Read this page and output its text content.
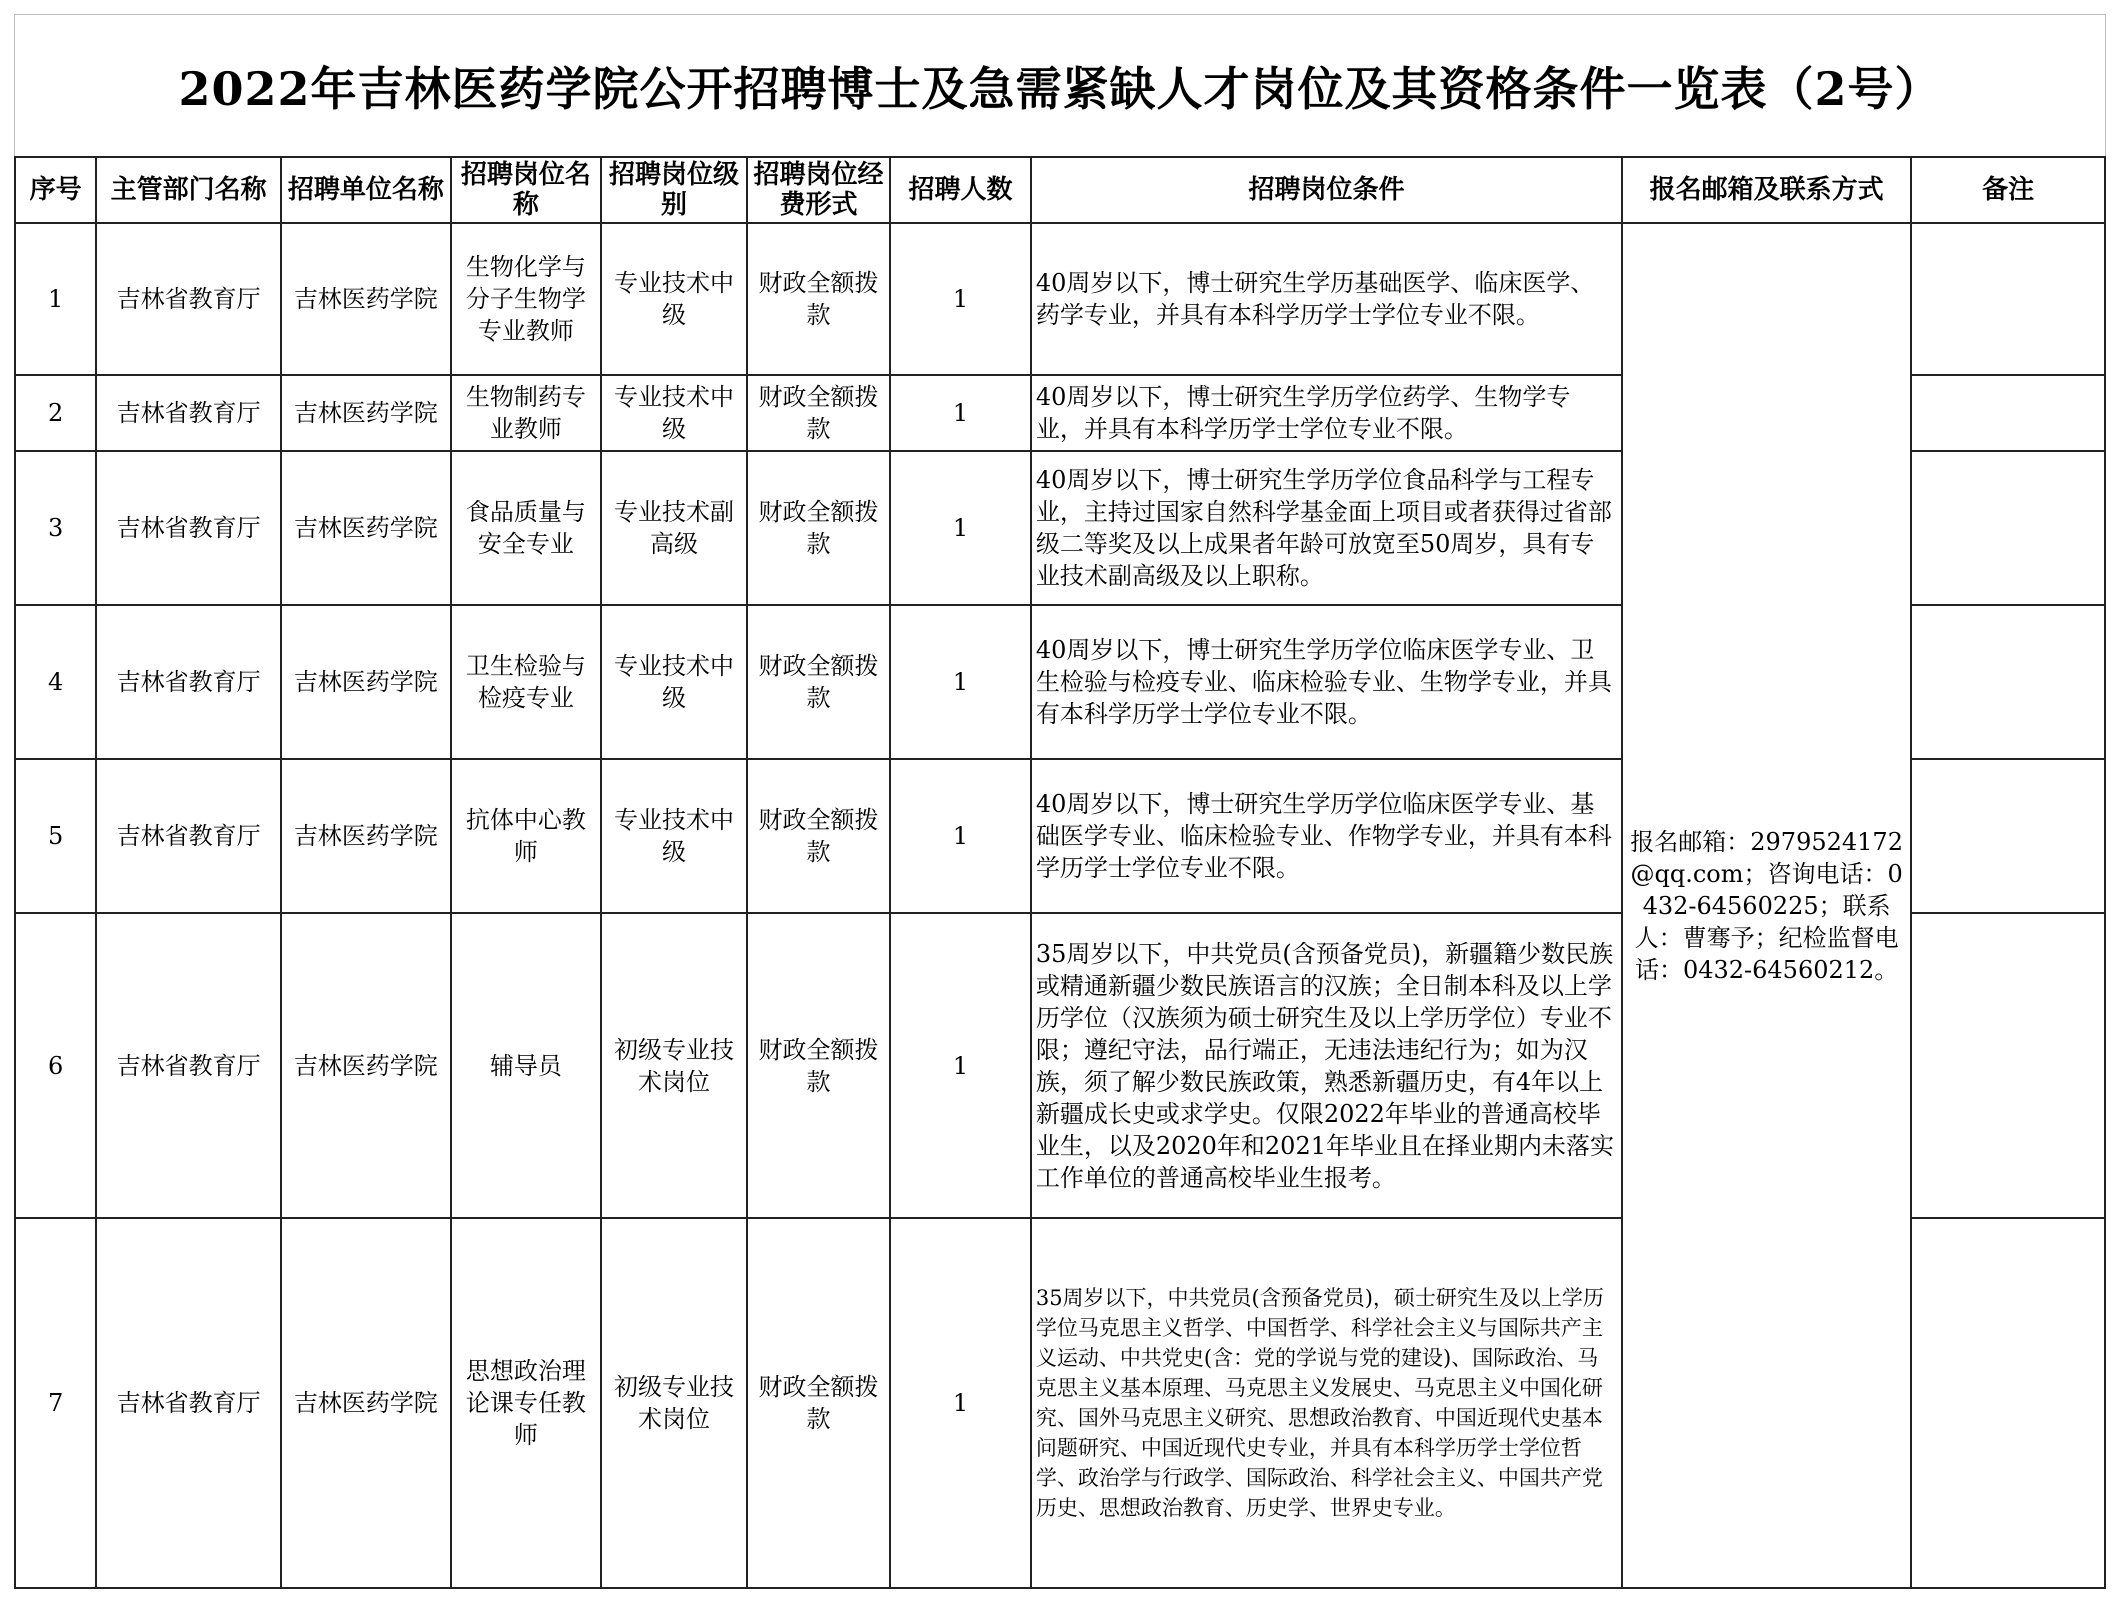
2022年吉林医药学院公开招聘博士及急需紧缺人才岗位及其资格条件一览表（2号）
序号	主管部门名称	招聘单位名称	招聘岗位名称	招聘岗位级别	招聘岗位经费形式	招聘人数	招聘岗位条件	报名邮箱及联系方式	备注
1	吉林省教育厅	吉林医药学院	生物化学与分子生物学专业教师	专业技术中级	财政全额拨款	1	40周岁以下，博士研究生学历基础医学、临床医学、药学专业，并具有本科学历学士学位专业不限。	报名邮箱：2979524172@qq.com；咨询电话：0432-64560225；联系人：曹骞予；纪检监督电话：0432-64560212。	
2	吉林省教育厅	吉林医药学院	生物制药专业教师	专业技术中级	财政全额拨款	1	40周岁以下，博士研究生学历学位药学、生物学专业，并具有本科学历学士学位专业不限。		
3	吉林省教育厅	吉林医药学院	食品质量与安全专业	专业技术副高级	财政全额拨款	1	40周岁以下，博士研究生学历学位食品科学与工程专业，主持过国家自然科学基金面上项目或者获得过省部级二等奖及以上成果者年龄可放宽至50周岁，具有专业技术副高级及以上职称。		
4	吉林省教育厅	吉林医药学院	卫生检验与检疫专业	专业技术中级	财政全额拨款	1	40周岁以下，博士研究生学历学位临床医学专业、卫生检验与检疫专业、临床检验专业、生物学专业，并具有本科学历学士学位专业不限。		
5	吉林省教育厅	吉林医药学院	抗体中心教师	专业技术中级	财政全额拨款	1	40周岁以下，博士研究生学历学位临床医学专业、基础医学专业、临床检验专业、作物学专业，并具有本科学历学士学位专业不限。		
6	吉林省教育厅	吉林医药学院	辅导员	初级专业技术岗位	财政全额拨款	1	35周岁以下，中共党员(含预备党员)，新疆籍少数民族或精通新疆少数民族语言的汉族；全日制本科及以上学历学位（汉族须为硕士研究生及以上学历学位）专业不限；遵纪守法，品行端正，无违法违纪行为；如为汉族，须了解少数民族政策，熟悉新疆历史，有4年以上新疆成长史或求学史。仅限2022年毕业的普通高校毕业生，以及2020年和2021年毕业且在择业期内未落实工作单位的普通高校毕业生报考。		
7	吉林省教育厅	吉林医药学院	思想政治理论课专任教师	初级专业技术岗位	财政全额拨款	1	35周岁以下，中共党员(含预备党员)，硕士研究生及以上学历学位马克思主义哲学、中国哲学、科学社会主义与国际共产主义运动、中共党史(含：党的学说与党的建设)、国际政治、马克思主义基本原理、马克思主义发展史、马克思主义中国化研究、国外马克思主义研究、思想政治教育、中国近现代史基本问题研究、中国近现代史专业，并具有本科学历学士学位哲学、政治学与行政学、国际政治、科学社会主义、中国共产党历史、思想政治教育、历史学、世界史专业。		
